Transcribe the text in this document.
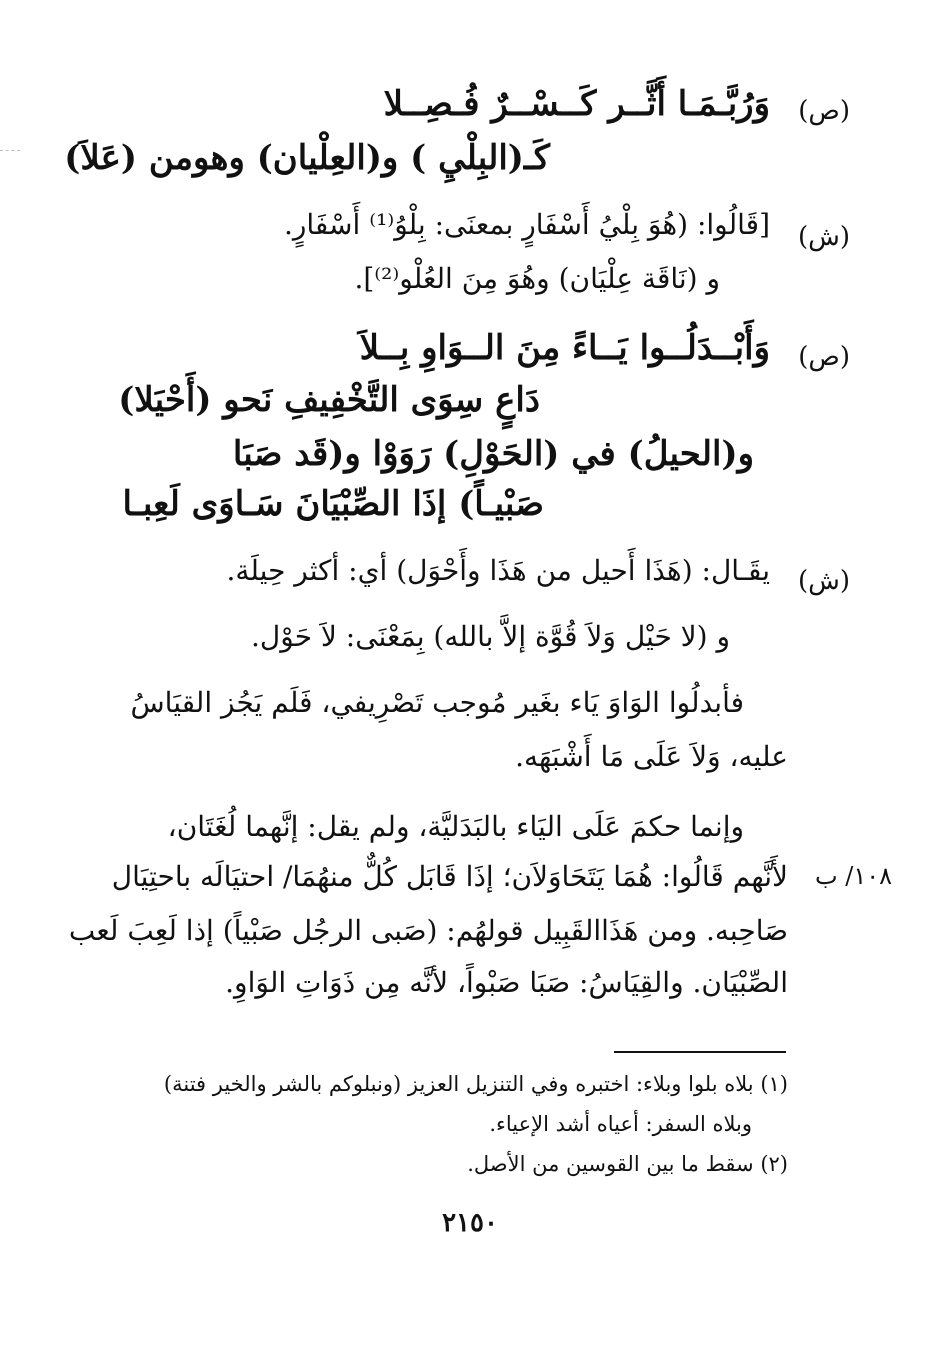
(ص)
وَرُبَّـمَـا أَثَّــر كَــسْــرٌ فُـصِــلا
كَـ(البِلْيِ ) و(العِلْيان) وهومن (عَلاَ)
(ش)
[قَالُوا: (هُوَ بِلْيُ أَسْفَارٍ بمعنَى: بِلْوُ⁽¹⁾ أَسْفَارٍ.
و (نَاقَة عِلْيَان) وهُوَ مِنَ العُلْو⁽²⁾].
(ص)
وَأَبْــدَلُــوا يَــاءً مِنَ الــوَاوِ بِــلاَ
دَاعٍ سِوَى التَّخْفِيفِ نَحو (أَحْيَلا)
و(الحيلُ) في (الحَوْلِ) رَوَوْا و(قَد صَبَا
صَبْيـاً) إذَا الصِّبْيَانَ سَـاوَى لَعِبـا
(ش)
يقَـال: (هَذَا أَحيل من هَذَا وأَحْوَل) أي: أكثر حِيلَة.
و (لا حَيْل وَلاَ قُوَّة إلاَّ بالله) بِمَعْنَى: لاَ حَوْل.
فأبدلُوا الوَاوَ يَاء بغَير مُوجب تَصْرِيفي، فَلَم يَجُز القيَاسُ
عليه، وَلاَ عَلَى مَا أَشْبَهَه.
وإنما حكمَ عَلَى اليَاء بالبَدَليَّة، ولم يقل: إنَّهما لُغَتَان،
١٠٨/ ب
لأَنَّهم قَالُوا: هُمَا يَتَحَاوَلاَن؛ إذَا قَابَل كُلٌّ منهُمَا/ احتيَالَه باحتِيَال
صَاحِبه. ومن هَذَاالقَبِيل قولهُم: (صَبى الرجُل صَبْياً) إذا لَعِبَ لَعب
الصِّبْيَان. والقِيَاسُ: صَبَا صَبْواً، لأنَّه مِن ذَوَاتِ الوَاوِ.
(١) بلاه بلوا وبلاء: اختبره وفي التنزيل العزيز (ونبلوكم بالشر والخير فتنة)
وبلاه السفر: أعياه أشد الإعياء.
(٢) سقط ما بين القوسين من الأصل.
٢١٥٠
